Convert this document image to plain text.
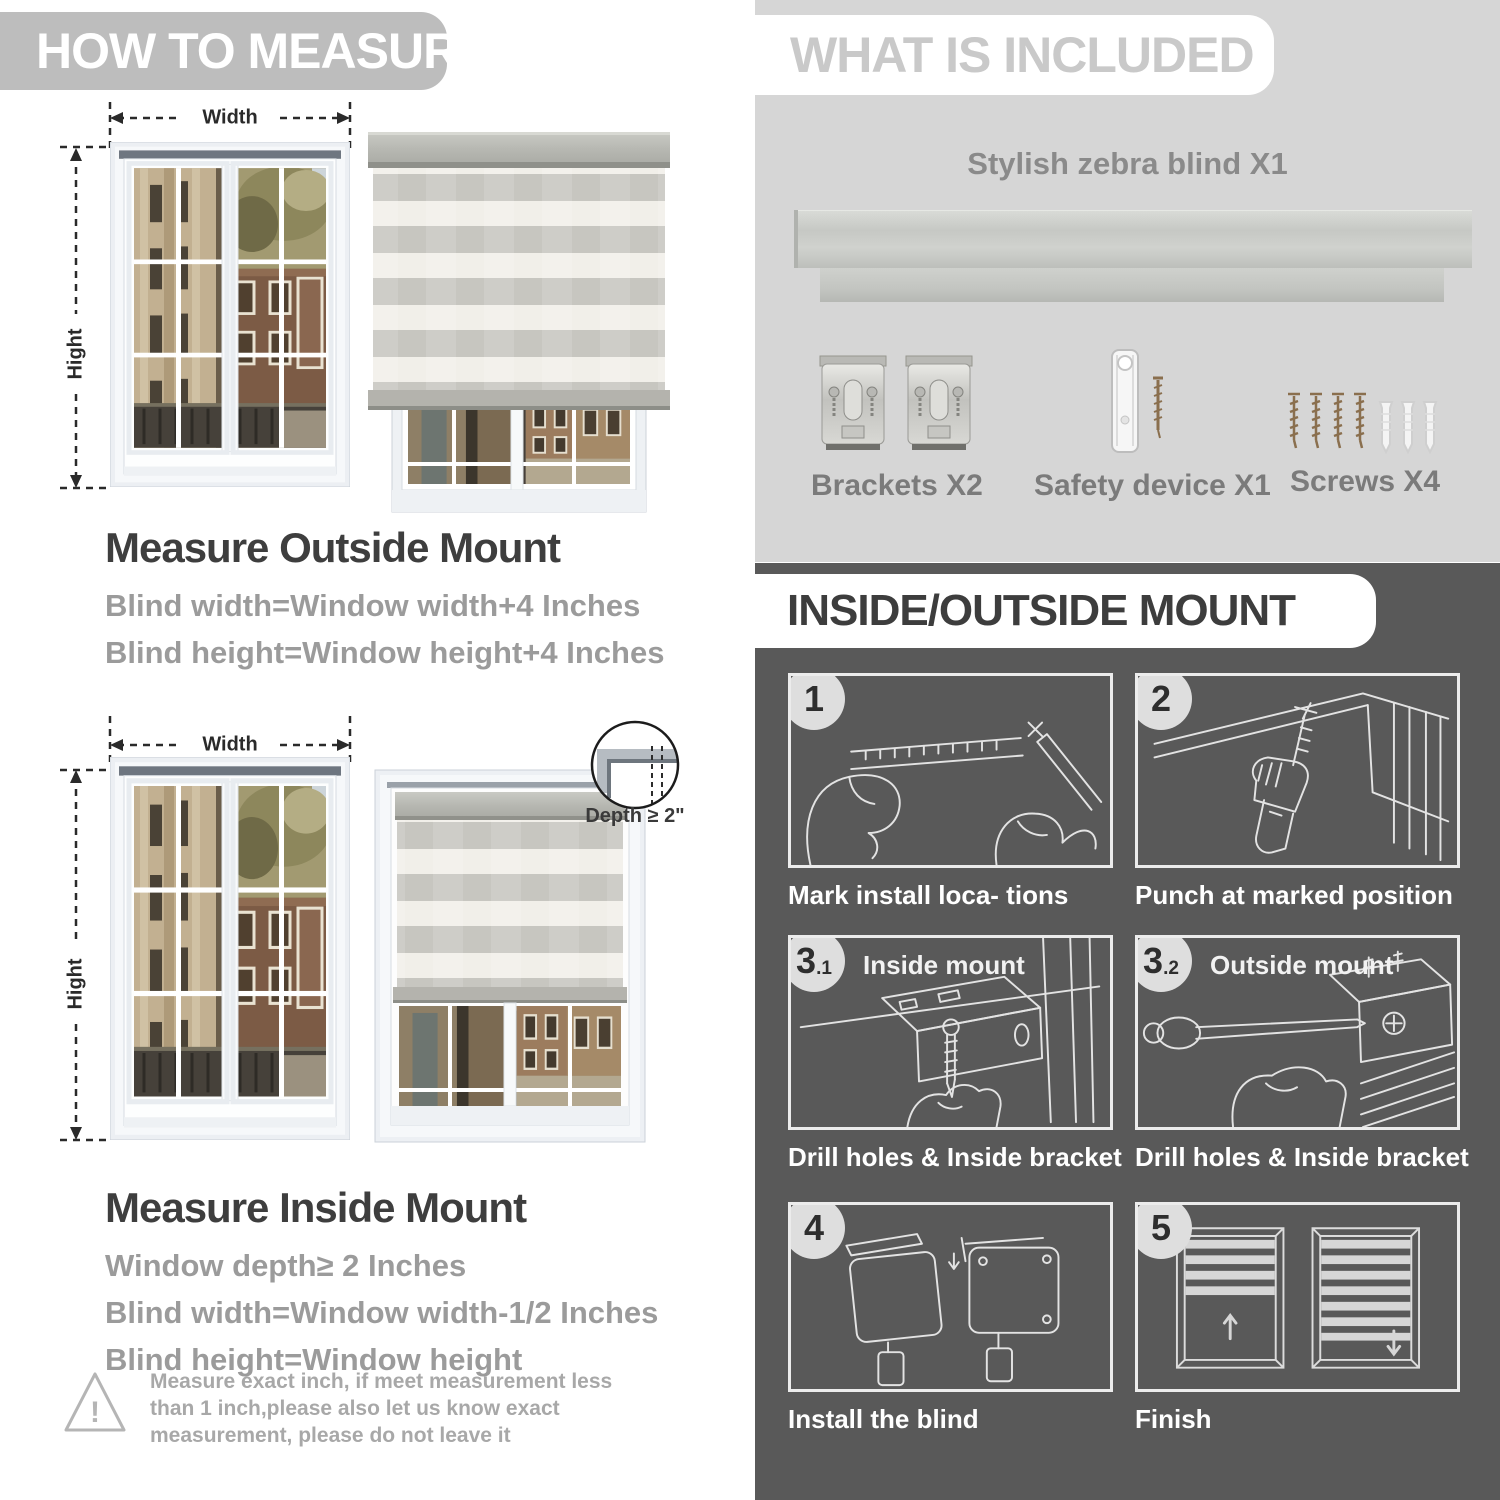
HOW TO MEASURE
Width
Hight
Measure Outside Mount
Blind width=Window width+4 Inches
Blind height=Window height+4 Inches
Width
Hight
Depth ≥ 2"
Measure Inside Mount
Window depth≥ 2 Inches
Blind width=Window width-1/2 Inches
Blind height=Window height
!
Measure exact inch, if meet measurement less
than 1 inch,please also let us know exact
measurement, please do not leave it
WHAT IS INCLUDED
Stylish zebra blind X1
Brackets X2 Safety device X1 Screws X4
INSIDE/OUTSIDE MOUNT
1
Mark install loca- tions
2
Punch at marked position
3 .1 Inside mount
Drill holes & Inside bracket
3 .2 Outside mount
Drill holes & Inside bracket
4
Install the blind
5
Finish
